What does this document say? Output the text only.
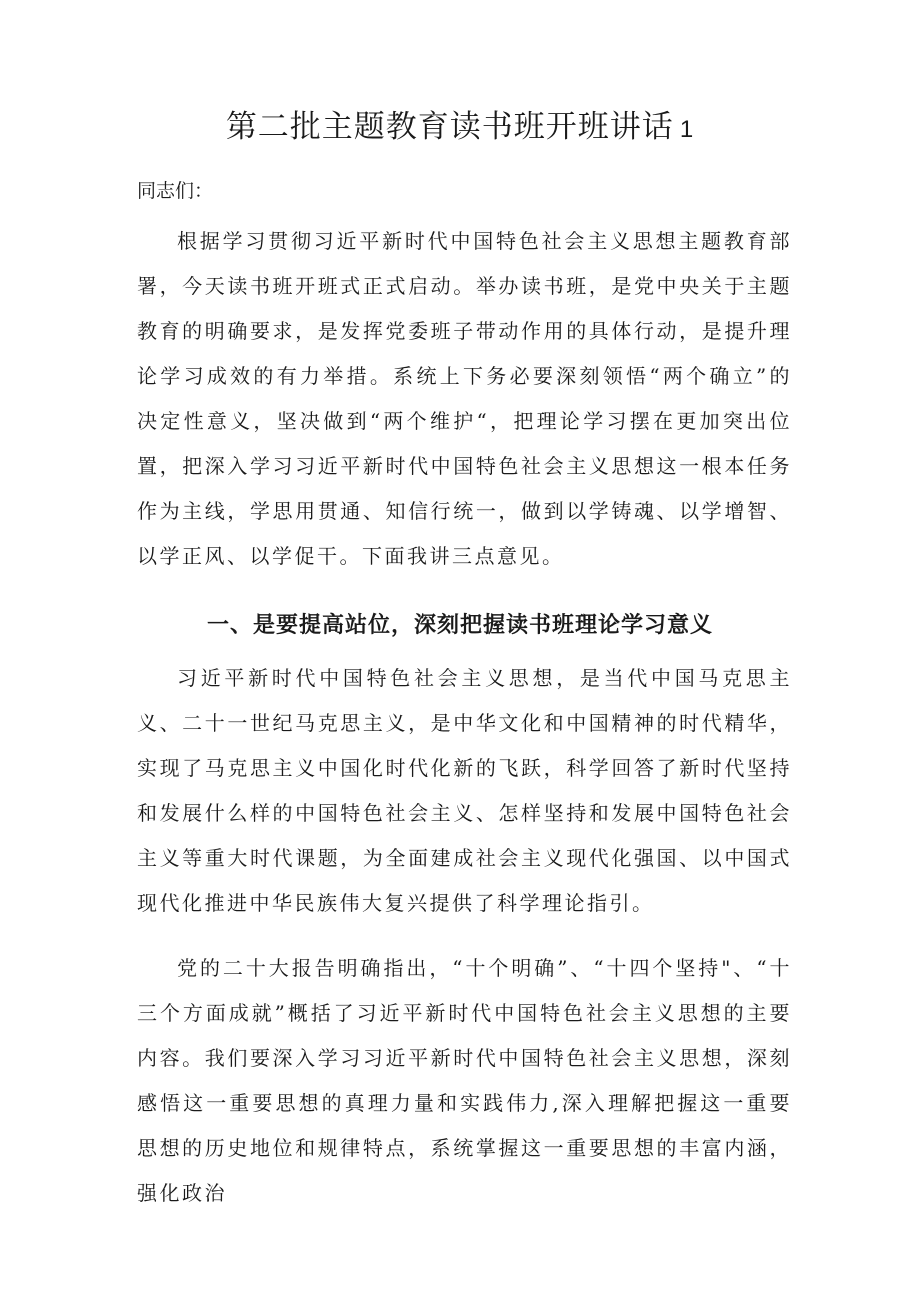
第二批主题教育读书班开班讲话 1

同志们：

根据学习贯彻习近平新时代中国特色社会主义思想主题教育部署，今天读书班开班式正式启动。举办读书班，是党中央关于主题教育的明确要求，是发挥党委班子带动作用的具体行动，是提升理论学习成效的有力举措。系统上下务必要深刻领悟“两个确立”的决定性意义，坚决做到“两个维护“，把理论学习摆在更加突出位置，把深入学习习近平新时代中国特色社会主义思想这一根本任务作为主线，学思用贯通、知信行统一，做到以学铸魂、以学增智、以学正风、以学促干。下面我讲三点意见。

一、是要提高站位，深刻把握读书班理论学习意义

习近平新时代中国特色社会主义思想，是当代中国马克思主义、二十一世纪马克思主义，是中华文化和中国精神的时代精华，实现了马克思主义中国化时代化新的飞跃，科学回答了新时代坚持和发展什么样的中国特色社会主义、怎样坚持和发展中国特色社会主义等重大时代课题，为全面建成社会主义现代化强国、以中国式现代化推进中华民族伟大复兴提供了科学理论指引。

党的二十大报告明确指出，“十个明确”、“十四个坚持"、“十三个方面成就”概括了习近平新时代中国特色社会主义思想的主要内容。我们要深入学习习近平新时代中国特色社会主义思想，深刻感悟这一重要思想的真理力量和实践伟力,深入理解把握这一重要思想的历史地位和规律特点，系统掌握这一重要思想的丰富内涵，强化政治
